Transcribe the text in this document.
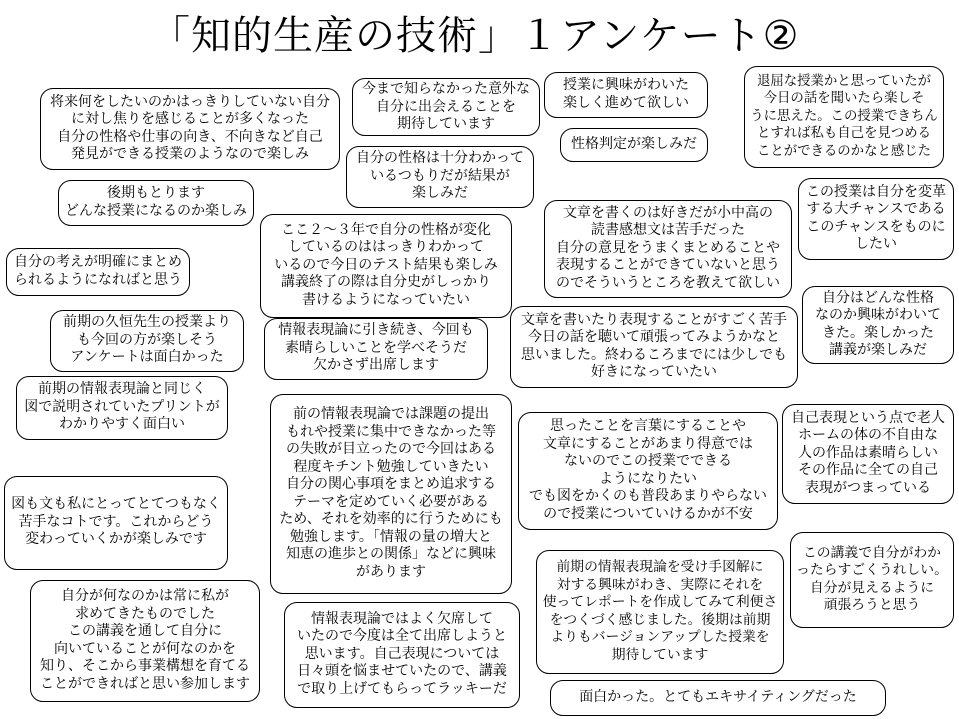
「知的生産の技術」１アンケート②
将来何をしたいのかはっきりしていない自分
に対し焦りを感じることが多くなった
自分の性格や仕事の向き、不向きなど自己
発見ができる授業のようなので楽しみ
今まで知らなかった意外な
自分に出会えることを
期待しています
授業に興味がわいた
楽しく進めて欲しい
退屈な授業かと思っていたが
今日の話を聞いたら楽しそ
うに思えた。この授業できちん
とすれば私も自己を見つめる
ことができるのかなと感じた
自分の性格は十分わかって
いるつもりだが結果が
楽しみだ
性格判定が楽しみだ
後期もとります
どんな授業になるのか楽しみ
この授業は自分を変革
する大チャンスである
このチャンスをものに
したい
ここ２～３年で自分の性格が変化
しているのははっきりわかって
いるので今日のテスト結果も楽しみ
講義終了の際は自分史がしっかり
書けるようになっていたい
文章を書くのは好きだが小中高の
読書感想文は苦手だった
自分の意見をうまくまとめることや
表現することができていないと思う
のでそういうところを教えて欲しい
自分の考えが明確にまとめ
られるようになればと思う
自分はどんな性格
なのか興味がわいて
きた。楽しかった
講義が楽しみだ
前期の久恒先生の授業より
も今回の方が楽しそう
アンケートは面白かった
情報表現論に引き続き、今回も
素晴らしいことを学べそうだ
欠かさず出席します
文章を書いたり表現することがすごく苦手
今日の話を聴いて頑張ってみようかなと
思いました。終わるころまでには少しでも
好きになっていたい
前期の情報表現論と同じく
図で説明されていたプリントが
わかりやすく面白い
前の情報表現論では課題の提出
もれや授業に集中できなかった等
の失敗が目立ったので今回はある
程度キチント勉強していきたい
自分の関心事項をまとめ追求する
テーマを定めていく必要がある
ため、それを効率的に行うためにも
勉強します。「情報の量の増大と
知恵の進歩との関係」などに興味
があります
思ったことを言葉にすることや
文章にすることがあまり得意では
ないのでこの授業でできる
ようになりたい
でも図をかくのも普段あまりやらない
ので授業についていけるかが不安
自己表現という点で老人
ホームの体の不自由な
人の作品は素晴らしい
その作品に全ての自己
表現がつまっている
図も文も私にとってとてつもなく
苦手なコトです。これからどう
変わっていくかが楽しみです
この講義で自分がわか
ったらすごくうれしい。
自分が見えるように
頑張ろうと思う
前期の情報表現論を受け手図解に
対する興味がわき、実際にそれを
使ってレポートを作成してみて利便さ
をつくづく感じました。後期は前期
よりもバージョンアップした授業を
期待しています
自分が何なのかは常に私が
求めてきたものでした
この講義を通して自分に
向いていることが何なのかを
知り、そこから事業構想を育てる
ことができればと思い参加します
情報表現論ではよく欠席して
いたので今度は全て出席しようと
思います。自己表現については
日々頭を悩ませていたので、講義
で取り上げてもらってラッキーだ	面白かった。とてもエキサイティングだった
